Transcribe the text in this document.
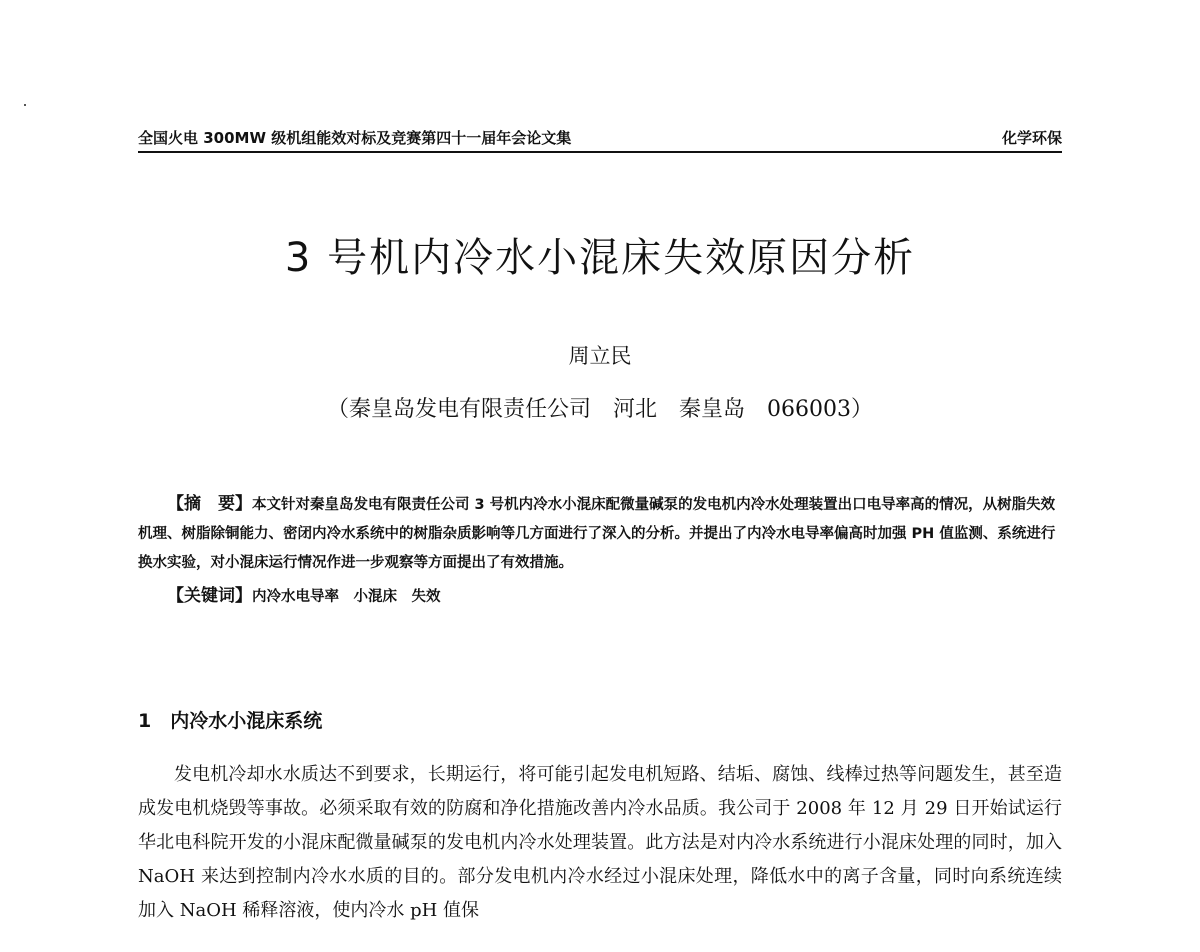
全国火电 300MW 级机组能效对标及竞赛第四十一届年会论文集	化学环保
3 号机内冷水小混床失效原因分析
周立民
（秦皇岛发电有限责任公司　河北　秦皇岛　066003）

【摘　要】本文针对秦皇岛发电有限责任公司 3 号机内冷水小混床配微量碱泵的发电机内冷水处理装置出口电导率高的情况，从树脂失效机理、树脂除铜能力、密闭内冷水系统中的树脂杂质影响等几方面进行了深入的分析。并提出了内冷水电导率偏高时加强 PH 值监测、系统进行换水实验，对小混床运行情况作进一步观察等方面提出了有效措施。

【关键词】内冷水电导率　小混床　失效

1　内冷水小混床系统

发电机冷却水水质达不到要求，长期运行，将可能引起发电机短路、结垢、腐蚀、线棒过热等问题发生，甚至造成发电机烧毁等事故。必须采取有效的防腐和净化措施改善内冷水品质。我公司于 2008 年 12 月 29 日开始试运行华北电科院开发的小混床配微量碱泵的发电机内冷水处理装置。此方法是对内冷水系统进行小混床处理的同时，加入 NaOH 来达到控制内冷水水质的目的。部分发电机内冷水经过小混床处理，降低水中的离子含量，同时向系统连续加入 NaOH 稀释溶液，使内冷水 pH 值保
